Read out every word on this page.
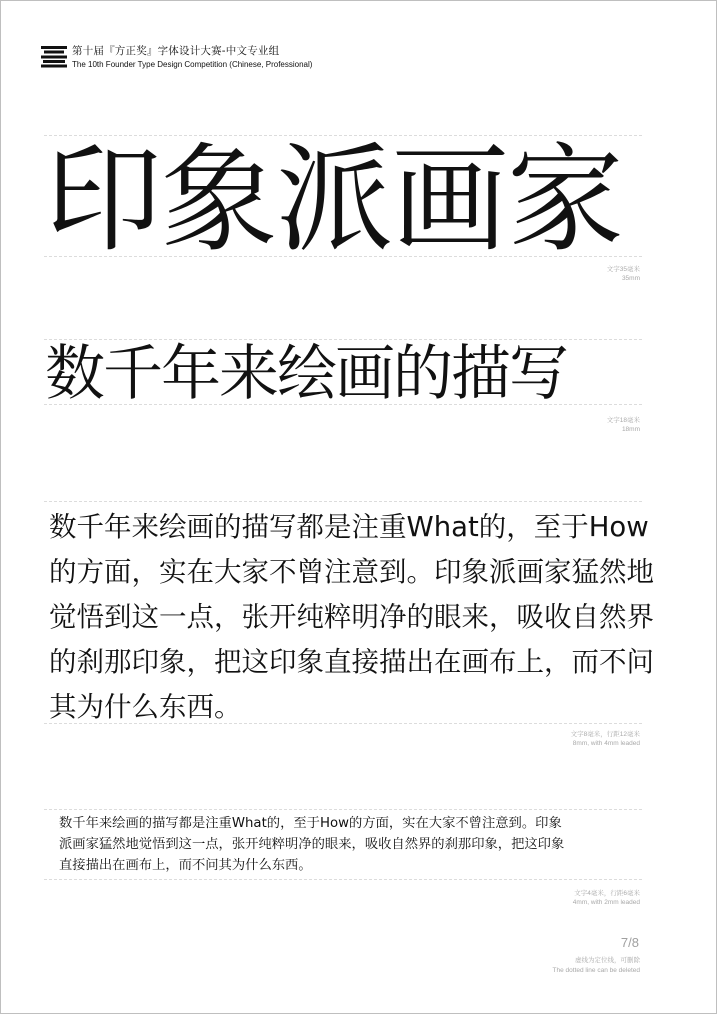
第十届『方正奖』字体设计大赛-中文专业组
The 10th Founder Type Design Competition (Chinese, Professional)
印象派画家
文字35毫米
35mm
数千年来绘画的描写
文字18毫米
18mm
数千年来绘画的描写都是注重What的，至于How
的方面，实在大家不曾注意到。印象派画家猛然地
觉悟到这一点，张开纯粹明净的眼来，吸收自然界
的刹那印象，把这印象直接描出在画布上，而不问
其为什么东西。
文字8毫米，行距12毫米
8mm, with 4mm leaded
数千年来绘画的描写都是注重What的，至于How的方面，实在大家不曾注意到。印象
派画家猛然地觉悟到这一点，张开纯粹明净的眼来，吸收自然界的刹那印象，把这印象
直接描出在画布上，而不问其为什么东西。
文字4毫米，行距6毫米
4mm, with 2mm leaded
7/8
虚线为定位线，可删除
The dotted line can be deleted
